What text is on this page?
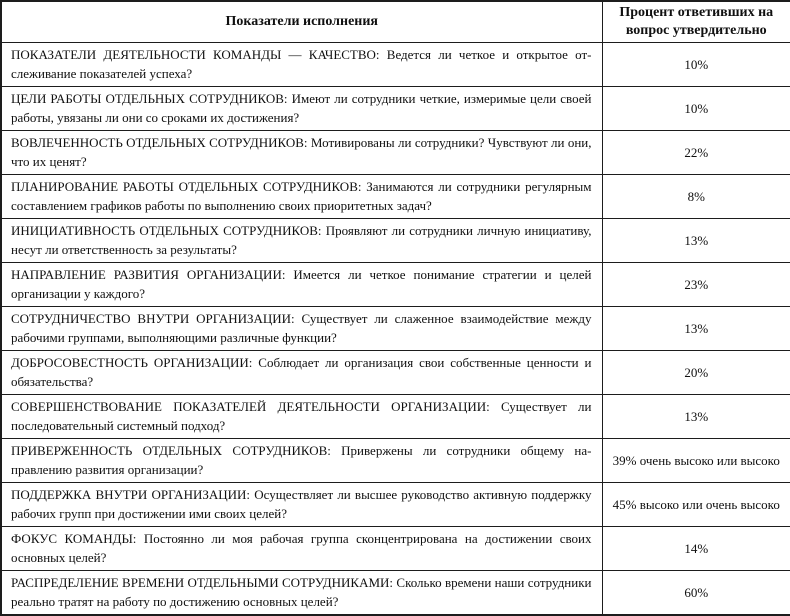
Показатели исполнения	Процент ответивших на вопрос утвердительно
ПОКАЗАТЕЛИ ДЕЯТЕЛЬНОСТИ КОМАНДЫ — КАЧЕСТВО: Ведется ли четкое и открытое отслеживание показателей успеха?	10%
ЦЕЛИ РАБОТЫ ОТДЕЛЬНЫХ СОТРУДНИКОВ: Имеют ли сотрудники четкие, измеримые цели своей работы, увязаны ли они со сроками их достижения?	10%
ВОВЛЕЧЕННОСТЬ ОТДЕЛЬНЫХ СОТРУДНИКОВ: Мотивированы ли сотрудники? Чувствуют ли они, что их ценят?	22%
ПЛАНИРОВАНИЕ РАБОТЫ ОТДЕЛЬНЫХ СОТРУДНИКОВ: Занимаются ли сотрудники регулярным составлением графиков работы по выполнению своих приоритетных задач?	8%
ИНИЦИАТИВНОСТЬ ОТДЕЛЬНЫХ СОТРУДНИКОВ: Проявляют ли сотрудники личную инициативу, несут ли ответственность за результаты?	13%
НАПРАВЛЕНИЕ РАЗВИТИЯ ОРГАНИЗАЦИИ: Имеется ли четкое понимание стратегии и целей организации у каждого?	23%
СОТРУДНИЧЕСТВО ВНУТРИ ОРГАНИЗАЦИИ: Существует ли слаженное взаимодействие между рабочими группами, выполняющими различные функции?	13%
ДОБРОСОВЕСТНОСТЬ ОРГАНИЗАЦИИ: Соблюдает ли организация свои собственные ценности и обязательства?	20%
СОВЕРШЕНСТВОВАНИЕ ПОКАЗАТЕЛЕЙ ДЕЯТЕЛЬНОСТИ ОРГАНИЗАЦИИ: Существует ли последовательный системный подход?	13%
ПРИВЕРЖЕННОСТЬ ОТДЕЛЬНЫХ СОТРУДНИКОВ: Привержены ли сотрудники общему направлению развития организации?	39% очень высоко или высоко
ПОДДЕРЖКА ВНУТРИ ОРГАНИЗАЦИИ: Осуществляет ли высшее руководство активную поддержку рабочих групп при достижении ими своих целей?	45% высоко или очень высоко
ФОКУС КОМАНДЫ: Постоянно ли моя рабочая группа сконцентрирована на достижении своих основных целей?	14%
РАСПРЕДЕЛЕНИЕ ВРЕМЕНИ ОТДЕЛЬНЫМИ СОТРУДНИКАМИ: Сколько времени наши сотрудники реально тратят на работу по достижению основных целей?	60%
